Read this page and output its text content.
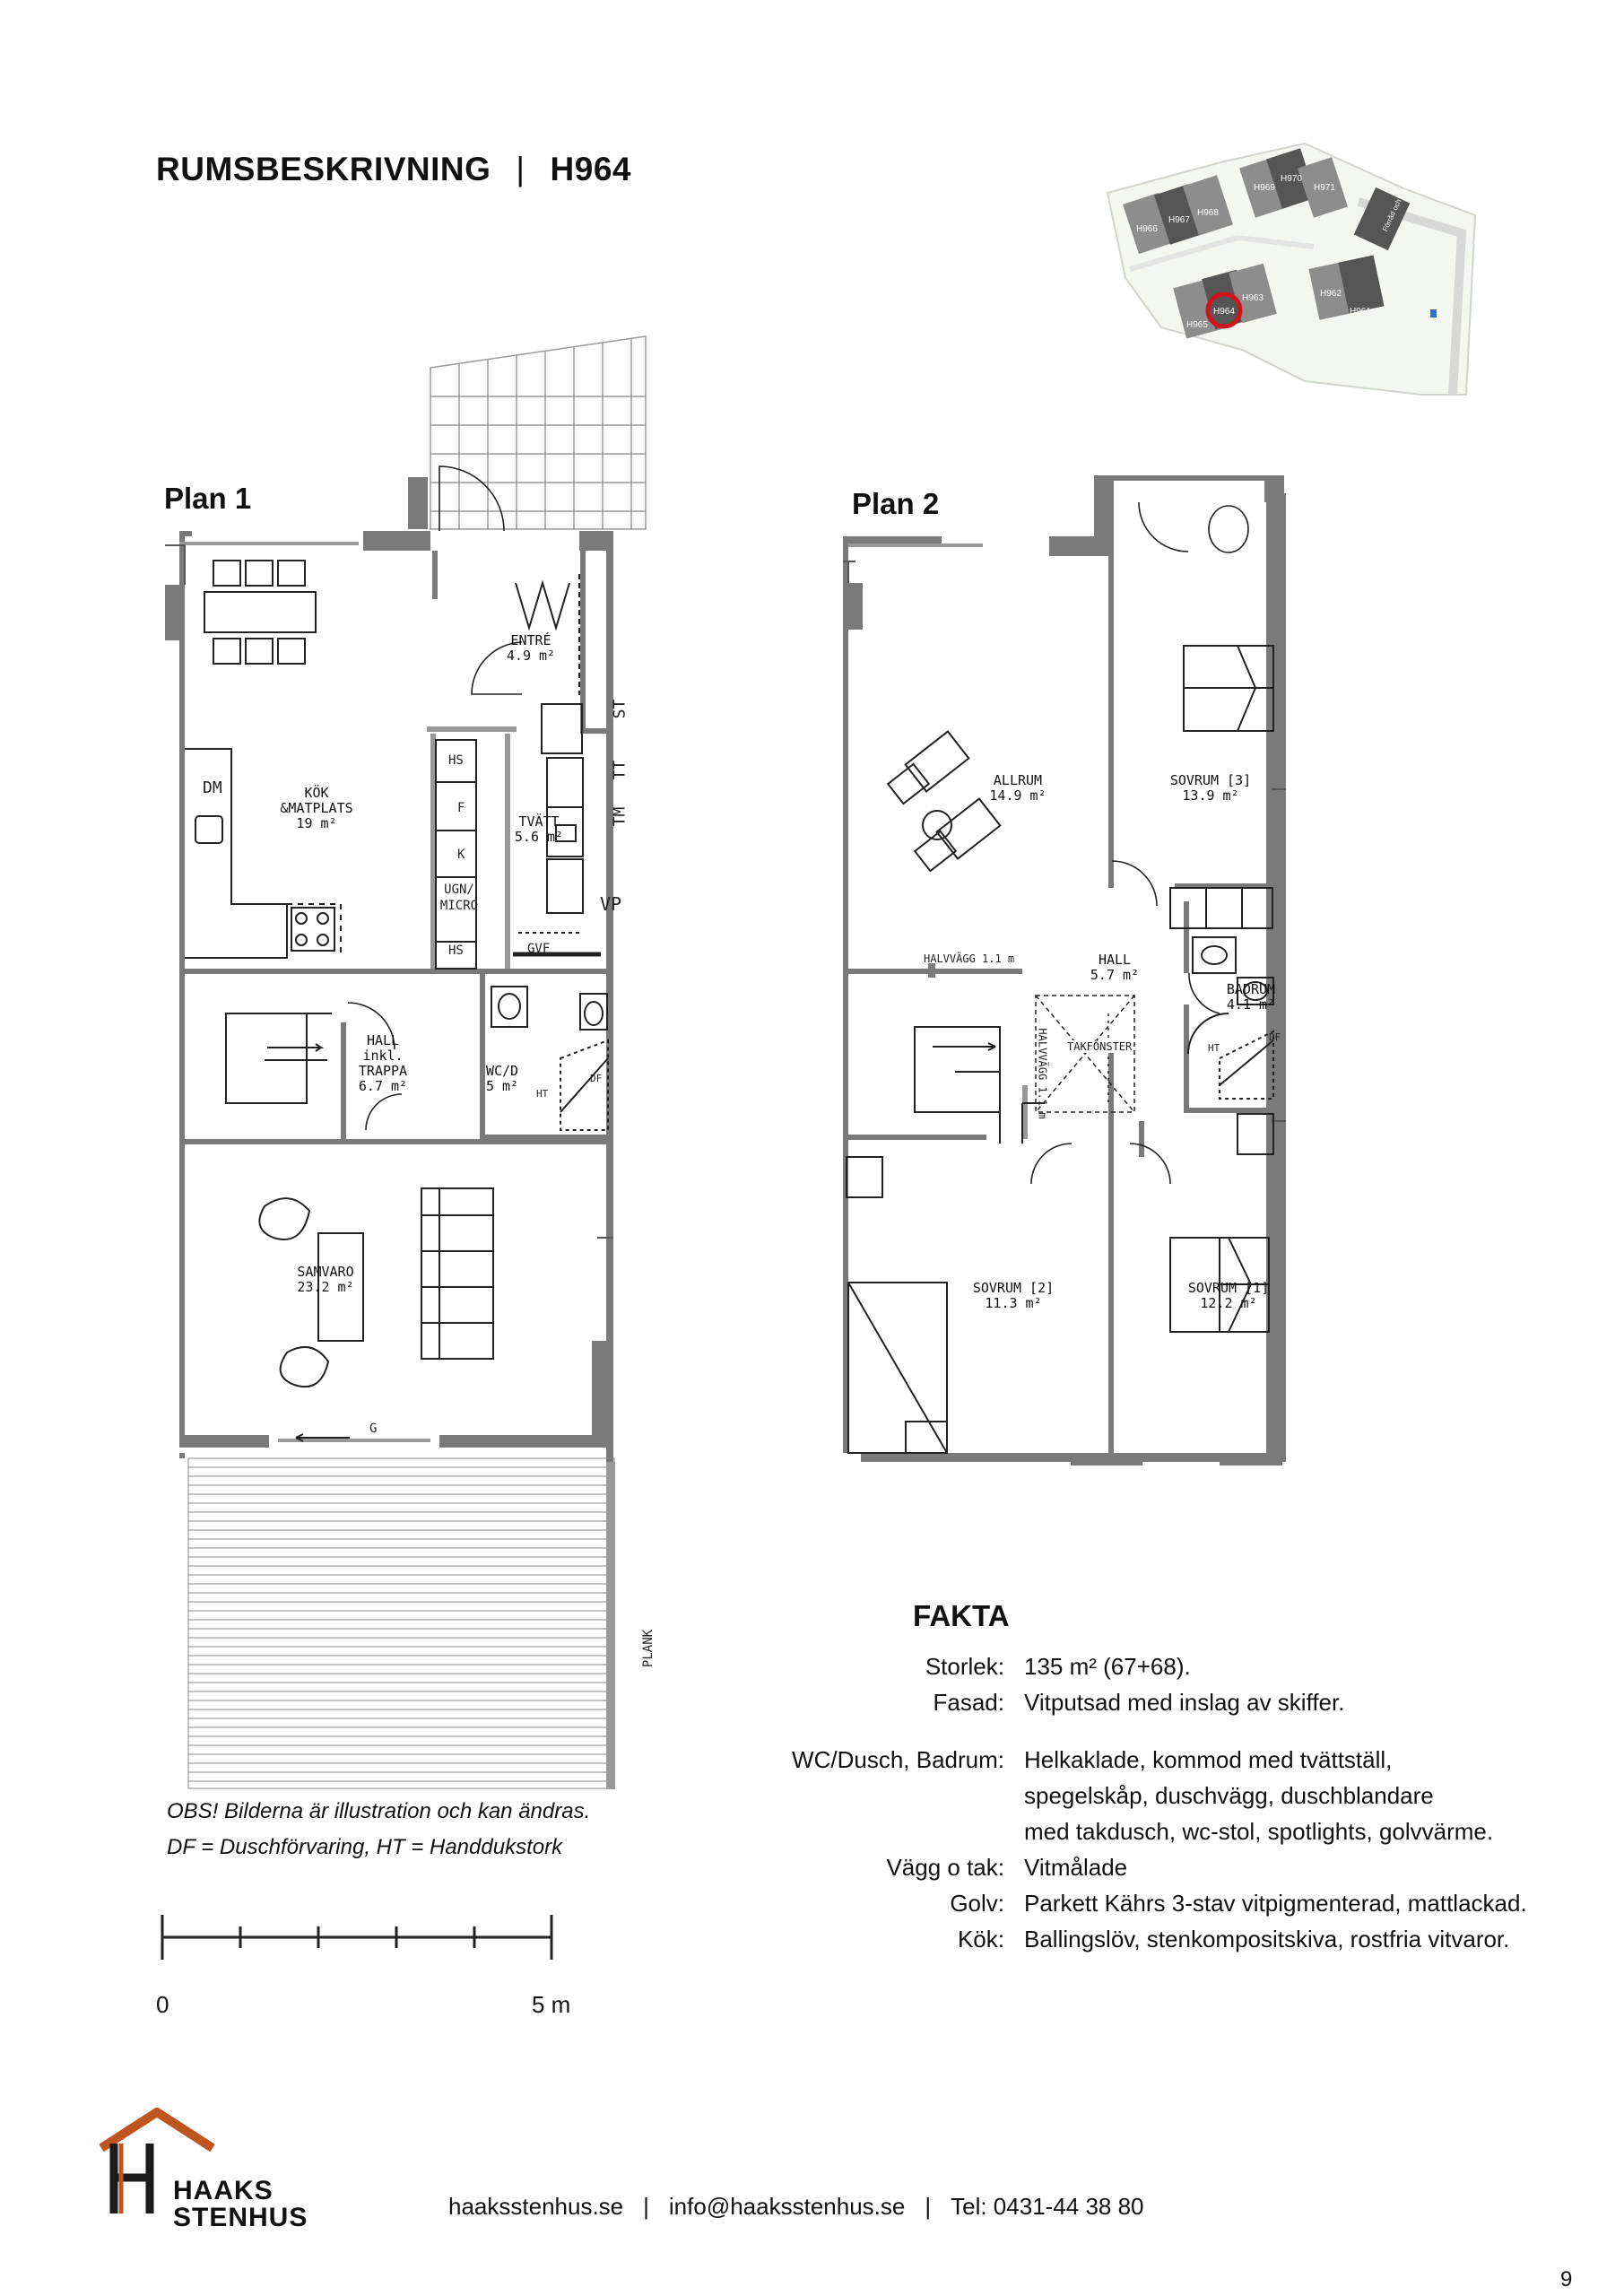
RUMSBESKRIVNING | H964
H969
H970
H971	Förråd och soprum
H966
H967
H968
H965
H963
H964
H962
H961
Plan 1	Plan 2
ENTRÉ
4.9 m²
KÖK
&MATPLATS
19 m²	TVÄTT
5.6 m²
HALL
inkl.
TRAPPA
6.7 m²
WC/D
5 m²
SAMVARO
23.2 m²
DM
ST
TT
TM
VP
HS
F
K
UGN/
MICRO
HS	GVF
DF
HT
G
PLANK
ALLRUM
14.9 m²
SOVRUM [3]
13.9 m²
HALL
5.7 m²
BADRUM
4.1 m²
SOVRUM [2]
11.3 m²
SOVRUM [1]
12.2 m²
HALVVÄGG 1.1 m
HALVVÄGG 1.1 m TAKFÖNSTER	HT
DF
FAKTA
Storlek: 135 m² (67+68).
Fasad: Vitputsad med inslag av skiffer.
WC/Dusch, Badrum: Helkaklade, kommod med tvättställ,
spegelskåp, duschvägg, duschblandare
med takdusch, wc-stol, spotlights, golvvärme.
Vägg o tak: Vitmålade
Golv: Parkett Kährs 3-stav vitpigmenterad, mattlackad.
Kök: Ballingslöv, stenkompositskiva, rostfria vitvaror.
OBS! Bilderna är illustration och kan ändras.
DF = Duschförvaring, HT = Handdukstork
0	5 m
HAAKS
STENHUS	haaksstenhus.se | info@haaksstenhus.se | Tel: 0431-44 38 80
9
